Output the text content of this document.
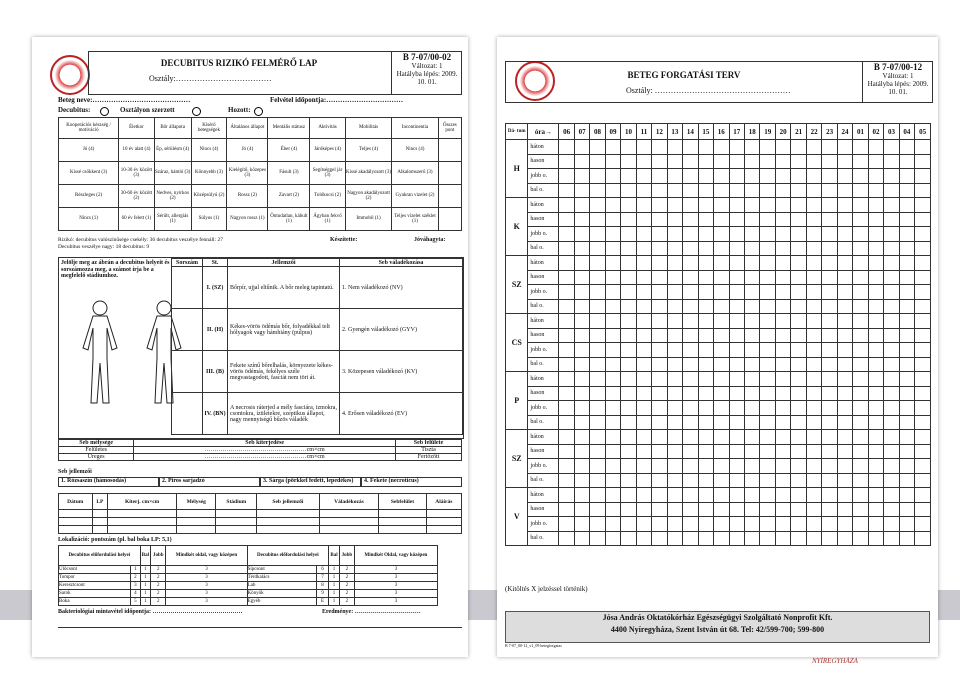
NYÍREGYHÁZA
DECUBITUS RIZIKÓ FELMÉRŐ LAP
Osztály:………………………………
B 7-07/00-02
Változat: 1
Hatályba lépés: 2009. 10. 01.
Beteg neve:……………………………………	Felvétel időpontja:……………………………
Decubitus:	Osztályon szerzett	Hozott:
Kooperációs készség / motiváció	Életkor	Bőr állapota	Kísérő betegségek	Általános állapot	Mentális státusz	Aktivitás	Mobilitás	Incontinentia	Összes pont
Jó (4)	10 év alatt (4)	Ép, sérülésm (4)	Nincs (4)	Jó (4)	Éber (4)	Járóképes (4)	Teljes (4)	Nincs (4)	
Kissé csökkent (3)	10-30 év között (3)	Száraz, hámló (3)	Könnyebb (3)	Kielégítő, közepes (3)	Fásult (3)	Segítséggel jár (3)	Kissé akadályozott (3)	Alkalomszerű (3)	
Részleges (2)	30-60 év között (2)	Nedves, nyirkos (2)	Középsúlyú (2)	Rossz (2)	Zavart (2)	Tolókocsi (2)	Nagyon akadályozott (2)	Gyakran vizelet (2)	
Nincs (1)	60 év felett (1)	Sérült, allergiás (1)	Súlyos (1)	Nagyon rossz (1)	Öntudatlan, kábult (1)	Ágyban fekvő (1)	Immobil (1)	Teljes vizelet széklet (1)	
Rizikó: decubitus valószínűsége csekély: 36 decubitus veszélye fennáll: 27
Decubitus veszélye nagy: 18 decubitus: 9
Készítette:	Jóváhagyta:
Jelölje meg az ábrán a decubitus helyeit és sorszámozza meg, a számot írja be a megfelelő stádiumhoz.
Sorszám	St.	Jellemzői	Seb váladékozása
	I. (SZ)	Bőrpír, ujjal eltűnik. A bőr meleg tapintatú.	1. Nem váladékozó (NV)
	II. (H)	Kékes-vörös ödémás bőr, folyadékkal telt hólyagok vagy hámhiány (pulpus)	2. Gyengén váladékozó (GYV)
	III. (B)	Fekete színű bőrelhalás, környezete kékes-vörös ödémás, fekélyes széle megvastagodott, fasciát nem töri át.	3. Közepesen váladékozó (KV)
	IV. (BN)	A necrosis ráterjed a mély fasciára, izmokra, csontokra, ízületekre, szeptikus állapot, nagy mennyiségű bűzös váladék	4. Erősen váladékozó (EV)
Seb mélysége	Seb kiterjedése	Seb felülete
Felületes	……………………………………………cm×cm	Tiszta
Üreges	……………………………………………cm×cm	Fertőzött
Seb jellemzői
1. Rózsaszín (hámosodás)	2. Piros sarjadzó	3. Sárga (pörkkel fedett, lepedékes)	4. Fekete (necroticus)
Dátum	LP	Kiterj. cm×cm	Mélység	Stádium	Seb jellemzői	Váladékozás	Sebfelület	Aláírás

Lokalizáció: pontszám (pl. bal boka LP: 5,1)
Decubitus előfordulási helyei		Bal	Jobb	Mindkét oldal, vagy középen	Decubitus előfordulási helyei		Bal	Jobb	Mindkét Oldal, vagy középen
Ülőcsont	1	1	2	3	Sípcsont	6	1	2	3
Tompor	2	1	2	3	Térdkalács	7	1	2	3
Keresztcsont	3	1	2	3	Lab	8	1	2	3
Sarok	4	1	2	3	Könyök	9	1	2	3
Boka	5	1	2	3	Egyéb	E	1	2	3
Bakteriológiai mintavétel időpontja: ………………………………………	Eredménye: ……………………………
BETEG FORGATÁSI TERV
Osztály: ……………………………………………
B 7-07/00-12
Változat: 1
Hatályba lépés: 2009. 10. 01.
Dá- tum	óra→	06	07	08	09	10	11	12	13	14	15	16	17	18	19	20	21	22	23	24	01	02	03	04	05
H	háton																								
	hason																								
	jobb o.																								
	bal o.																								
K	háton																								
	hason																								
	jobb o.																								
	bal o.																								
SZ	háton																								
	hason																								
	jobb o.																								
	bal o.																								
CS	háton																								
	hason																								
	jobb o.																								
	bal o.																								
P	háton																								
	hason																								
	jobb o.																								
	bal o.																								
SZ	háton																								
	hason																								
	jobb o.																								
	bal o.																								
V	háton																								
	hason																								
	jobb o.																								
	bal o.																								
(Kitöltés X jelzéssel történik)
Jósa András Oktatókórház Egészségügyi Szolgáltató Nonprofit Kft.
4400 Nyíregyháza, Szent István út 68. Tel: 42/599-700; 599-800
B 7-07_00-12_v1_09 betegforgatas
